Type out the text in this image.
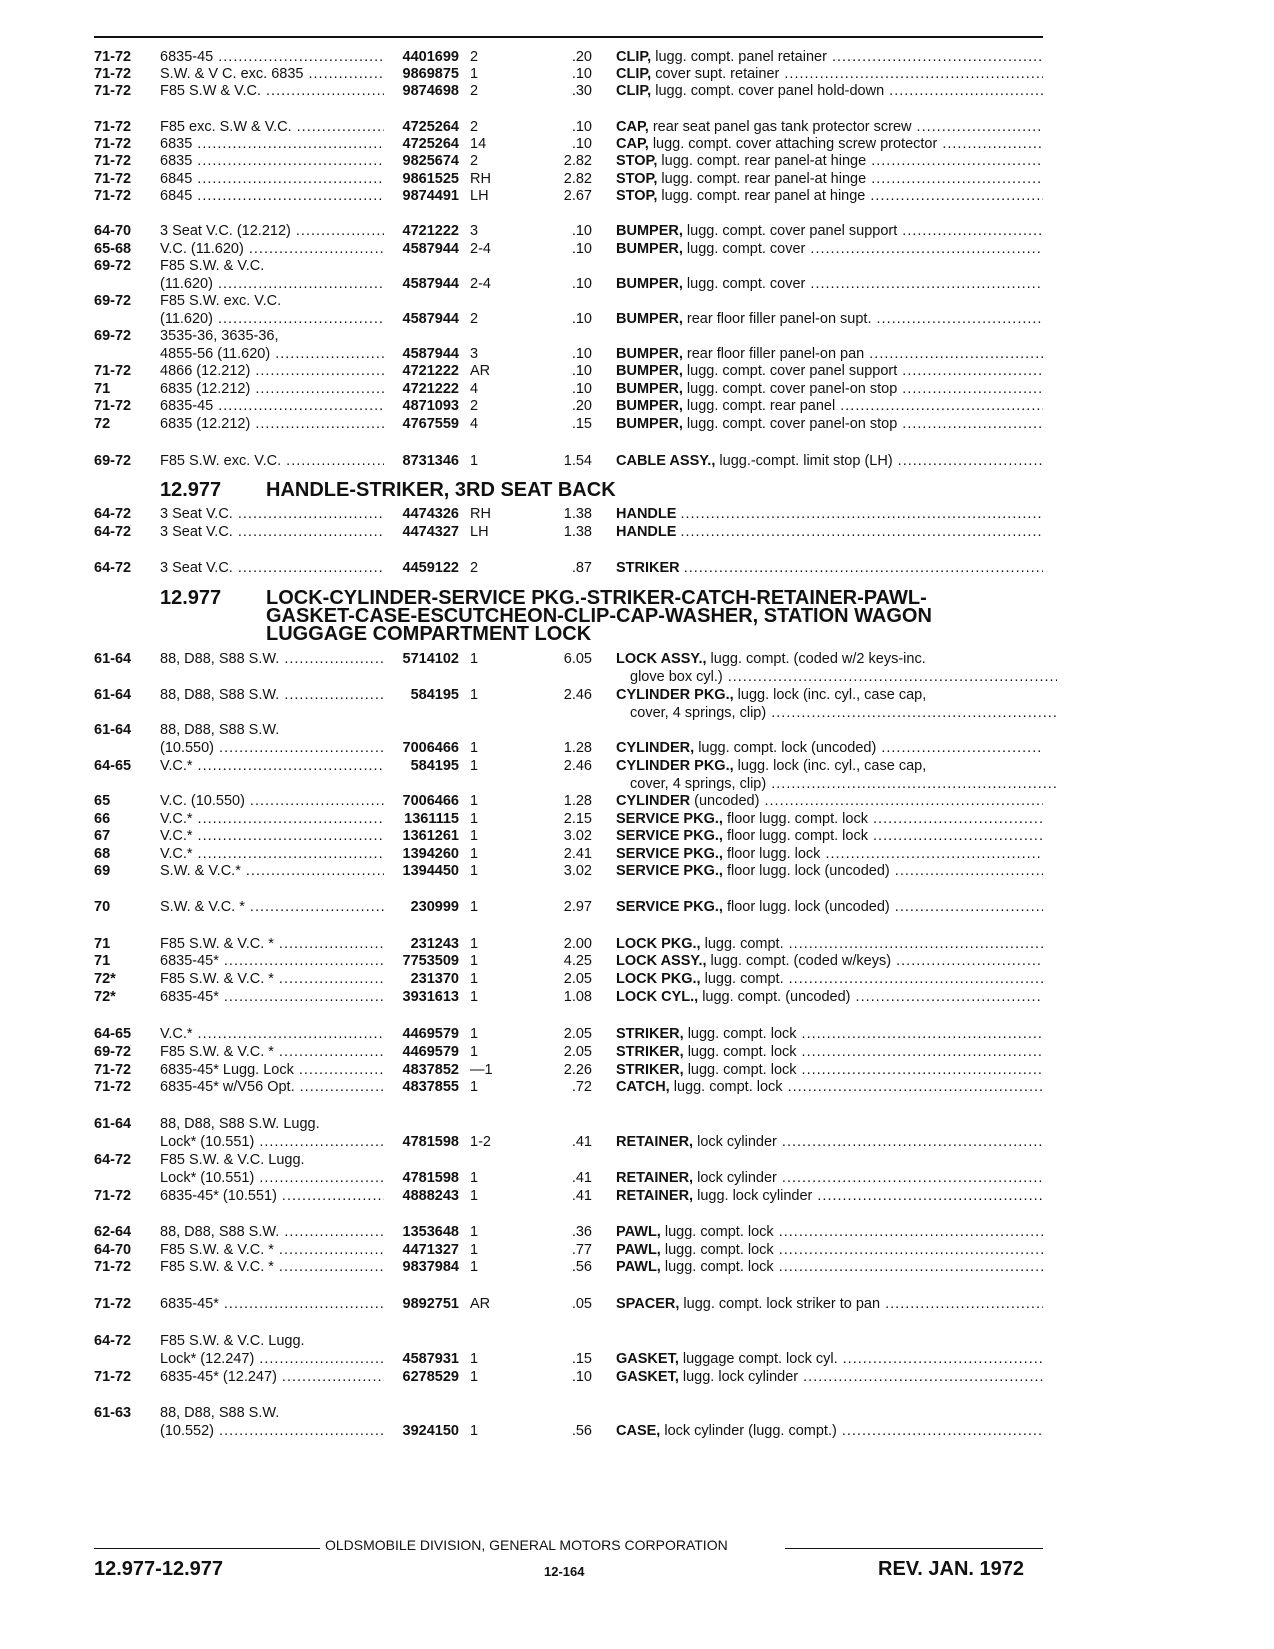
71-72	6835-45 .....	4401699 2	.20 CLIP, lugg. compt. panel retainer .....
71-72	S.W. & V C. exc. 6835 .....	9869875 1	.10 CLIP, cover supt. retainer .....
71-72	F85 S.W & V.C. .....	9874698 2	.30 CLIP, lugg. compt. cover panel hold-down .....
71-72	F85 exc. S.W & V.C. .....	4725264 2	.10 CAP, rear seat panel gas tank protector screw .....
71-72	6835 .....	4725264 14	.10 CAP, lugg. compt. cover attaching screw protector .....
71-72	6835 .....	9825674 2	2.82 STOP, lugg. compt. rear panel-at hinge .....
71-72	6845 .....	9861525 RH	2.82 STOP, lugg. compt. rear panel-at hinge .....
71-72	6845 .....	9874491 LH	2.67 STOP, lugg. compt. rear panel at hinge .....
64-70	3 Seat V.C. (12.212) .....	4721222 3	.10 BUMPER, lugg. compt. cover panel support .....
65-68	V.C. (11.620) .....	4587944 2-4	.10 BUMPER, lugg. compt. cover .....
69-72	F85 S.W. & V.C.
(11.620) .....	4587944 2-4	.10 BUMPER, lugg. compt. cover .....
69-72	F85 S.W. exc. V.C.
(11.620) .....	4587944 2	.10 BUMPER, rear floor filler panel-on supt. .....
69-72	3535-36, 3635-36,
4855-56 (11.620) .....	4587944 3	.10 BUMPER, rear floor filler panel-on pan .....
71-72	4866 (12.212) .....	4721222 AR	.10 BUMPER, lugg. compt. cover panel support .....
71	6835 (12.212) .....	4721222 4	.10 BUMPER, lugg. compt. cover panel-on stop .....
71-72	6835-45 .....	4871093 2	.20 BUMPER, lugg. compt. rear panel .....
72	6835 (12.212) .....	4767559 4	.15 BUMPER, lugg. compt. cover panel-on stop .....
69-72	F85 S.W. exc. V.C. .....	8731346 1	1.54 CABLE ASSY., lugg.-compt. limit stop (LH) .....
64-72	3 Seat V.C. .....	4474326 RH	1.38 HANDLE .....
64-72	3 Seat V.C. .....	4474327 LH	1.38 HANDLE .....
64-72	3 Seat V.C. .....	4459122 2	.87 STRIKER .....
61-64	88, D88, S88 S.W. .....	5714102 1	6.05 LOCK ASSY., lugg. compt. (coded w/2 keys-inc.
glove box cyl.) .....
61-64	88, D88, S88 S.W. .....	584195 1	2.46 CYLINDER PKG., lugg. lock (inc. cyl., case cap,
cover, 4 springs, clip) .....
61-64	88, D88, S88 S.W.
(10.550) .....	7006466 1	1.28 CYLINDER, lugg. compt. lock (uncoded) .....
64-65	V.C.* .....	584195 1	2.46 CYLINDER PKG., lugg. lock (inc. cyl., case cap,
cover, 4 springs, clip) .....
65	V.C. (10.550) .....	7006466 1	1.28 CYLINDER (uncoded) .....
66	V.C.* .....	1361115 1	2.15 SERVICE PKG., floor lugg. compt. lock .....
67	V.C.* .....	1361261 1	3.02 SERVICE PKG., floor lugg. compt. lock .....
68	V.C.* .....	1394260 1	2.41 SERVICE PKG., floor lugg. lock .....
69	S.W. & V.C.* .....	1394450 1	3.02 SERVICE PKG., floor lugg. lock (uncoded) .....
70	S.W. & V.C. * .....	230999 1	2.97 SERVICE PKG., floor lugg. lock (uncoded) .....
71	F85 S.W. & V.C. * .....	231243 1	2.00 LOCK PKG., lugg. compt. .....
71	6835-45* .....	7753509 1	4.25 LOCK ASSY., lugg. compt. (coded w/keys) .....
72*	F85 S.W. & V.C. * .....	231370 1	2.05 LOCK PKG., lugg. compt. .....
72*	6835-45* .....	3931613 1	1.08 LOCK CYL., lugg. compt. (uncoded) .....
64-65	V.C.* .....	4469579 1	2.05 STRIKER, lugg. compt. lock .....
69-72	F85 S.W. & V.C. * .....	4469579 1	2.05 STRIKER, lugg. compt. lock .....
71-72	6835-45* Lugg. Lock .....	4837852 —1	2.26 STRIKER, lugg. compt. lock .....
71-72	6835-45* w/V56 Opt. .....	4837855 1	.72 CATCH, lugg. compt. lock .....
61-64	88, D88, S88 S.W. Lugg.
Lock* (10.551) .....	4781598 1-2	.41 RETAINER, lock cylinder .....
64-72	F85 S.W. & V.C. Lugg.
Lock* (10.551) .....	4781598 1	.41 RETAINER, lock cylinder .....
71-72	6835-45* (10.551) .....	4888243 1	.41 RETAINER, lugg. lock cylinder .....
62-64	88, D88, S88 S.W. .....	1353648 1	.36 PAWL, lugg. compt. lock .....
64-70	F85 S.W. & V.C. * .....	4471327 1	.77 PAWL, lugg. compt. lock .....
71-72	F85 S.W. & V.C. * .....	9837984 1	.56 PAWL, lugg. compt. lock .....
71-72	6835-45* .....	9892751 AR	.05 SPACER, lugg. compt. lock striker to pan .....
64-72	F85 S.W. & V.C. Lugg.
Lock* (12.247) .....	4587931 1	.15 GASKET, luggage compt. lock cyl. .....
71-72	6835-45* (12.247) .....	6278529 1	.10 GASKET, lugg. lock cylinder .....
61-63	88, D88, S88 S.W.
(10.552) .....	3924150 1	.56 CASE, lock cylinder (lugg. compt.) .....
12.977 HANDLE-STRIKER, 3RD SEAT BACK
12.977 LOCK-CYLINDER-SERVICE PKG.-STRIKER-CATCH-RETAINER-PAWL-
GASKET-CASE-ESCUTCHEON-CLIP-CAP-WASHER, STATION WAGON
LUGGAGE COMPARTMENT LOCK
OLDSMOBILE DIVISION, GENERAL MOTORS CORPORATION
12.977-12.977	12-164	REV. JAN. 1972
